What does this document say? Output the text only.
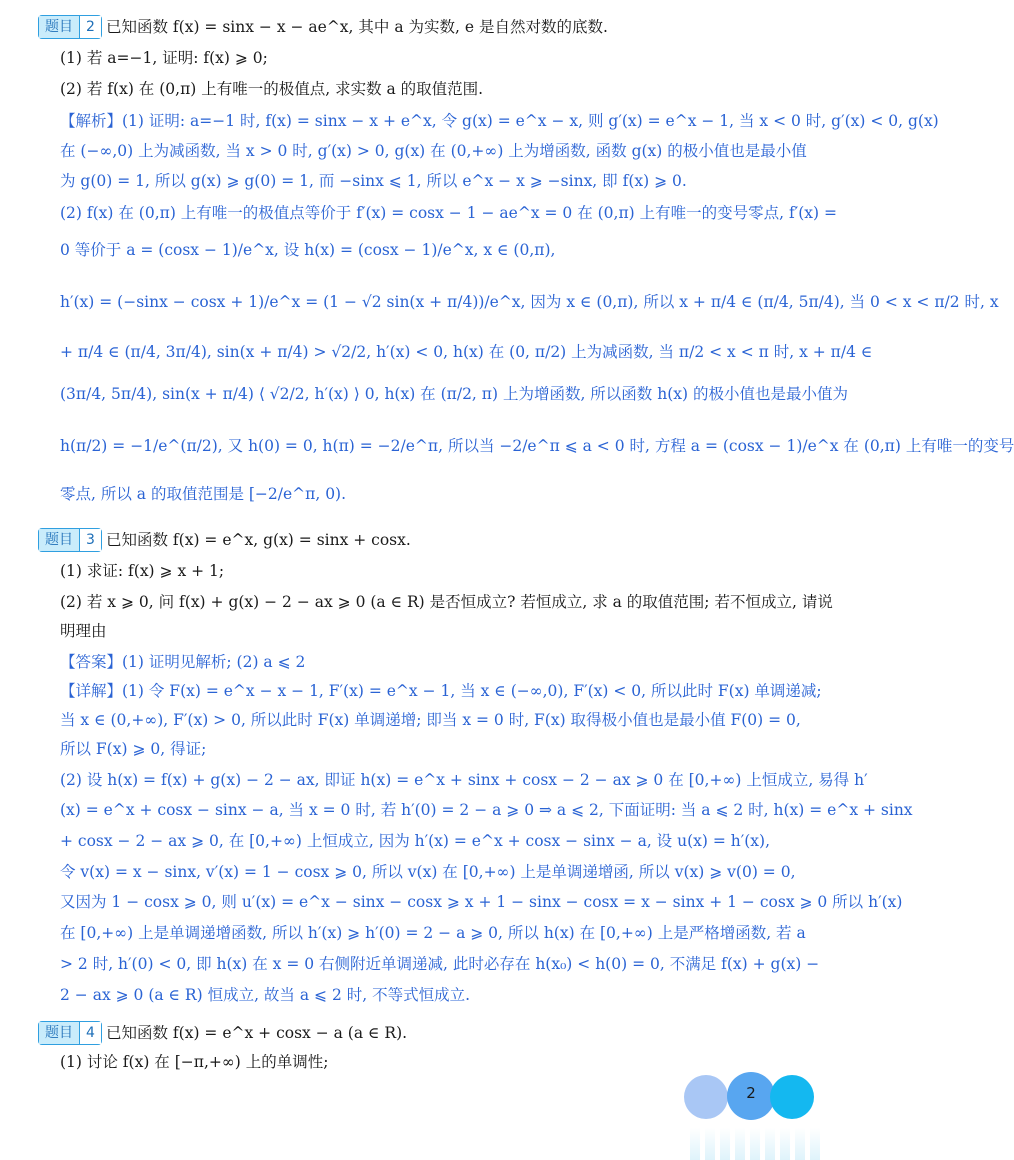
题目 2 已知函数 f(x) = sinx − x − ae^x, 其中 a 为实数, e 是自然对数的底数.
(1) 若 a=−1, 证明: f(x) ⩾ 0;
(2) 若 f(x) 在 (0,π) 上有唯一的极值点, 求实数 a 的取值范围.
【解析】(1) 证明: a=−1 时, f(x) = sinx − x + e^x, 令 g(x) = e^x − x, 则 g′(x) = e^x − 1, 当 x < 0 时, g′(x) < 0, g(x)
在 (−∞,0) 上为减函数, 当 x > 0 时, g′(x) > 0, g(x) 在 (0,+∞) 上为增函数, 函数 g(x) 的极小值也是最小值
为 g(0) = 1, 所以 g(x) ⩾ g(0) = 1, 而 −sinx ⩽ 1, 所以 e^x − x ⩾ −sinx, 即 f(x) ⩾ 0.
(2) f(x) 在 (0,π) 上有唯一的极值点等价于 f′(x) = cosx − 1 − ae^x = 0 在 (0,π) 上有唯一的变号零点, f′(x) =
0 等价于 a = (cosx − 1)/e^x, 设 h(x) = (cosx − 1)/e^x, x ∈ (0,π),
h′(x) = (−sinx − cosx + 1)/e^x = (1 − √2 sin(x + π/4))/e^x, 因为 x ∈ (0,π), 所以 x + π/4 ∈ (π/4, 5π/4), 当 0 < x < π/2 时, x
+ π/4 ∈ (π/4, 3π/4), sin(x + π/4) > √2/2, h′(x) < 0, h(x) 在 (0, π/2) 上为减函数, 当 π/2 < x < π 时, x + π/4 ∈
(3π/4, 5π/4), sin(x + π/4) ⟨ √2/2, h′(x) ⟩ 0, h(x) 在 (π/2, π) 上为增函数, 所以函数 h(x) 的极小值也是最小值为
h(π/2) = −1/e^(π/2), 又 h(0) = 0, h(π) = −2/e^π, 所以当 −2/e^π ⩽ a < 0 时, 方程 a = (cosx − 1)/e^x 在 (0,π) 上有唯一的变号
零点, 所以 a 的取值范围是 [−2/e^π, 0).
题目 3 已知函数 f(x) = e^x, g(x) = sinx + cosx.
(1) 求证: f(x) ⩾ x + 1;
(2) 若 x ⩾ 0, 问 f(x) + g(x) − 2 − ax ⩾ 0 (a ∈ R) 是否恒成立? 若恒成立, 求 a 的取值范围; 若不恒成立, 请说
明理由
【答案】(1) 证明见解析; (2) a ⩽ 2
【详解】(1) 令 F(x) = e^x − x − 1, F′(x) = e^x − 1, 当 x ∈ (−∞,0), F′(x) < 0, 所以此时 F(x) 单调递减;
当 x ∈ (0,+∞), F′(x) > 0, 所以此时 F(x) 单调递增; 即当 x = 0 时, F(x) 取得极小值也是最小值 F(0) = 0,
所以 F(x) ⩾ 0, 得证;
(2) 设 h(x) = f(x) + g(x) − 2 − ax, 即证 h(x) = e^x + sinx + cosx − 2 − ax ⩾ 0 在 [0,+∞) 上恒成立, 易得 h′
(x) = e^x + cosx − sinx − a, 当 x = 0 时, 若 h′(0) = 2 − a ⩾ 0 ⇒ a ⩽ 2, 下面证明: 当 a ⩽ 2 时, h(x) = e^x + sinx
+ cosx − 2 − ax ⩾ 0, 在 [0,+∞) 上恒成立, 因为 h′(x) = e^x + cosx − sinx − a, 设 u(x) = h′(x),
令 v(x) = x − sinx, v′(x) = 1 − cosx ⩾ 0, 所以 v(x) 在 [0,+∞) 上是单调递增函, 所以 v(x) ⩾ v(0) = 0,
又因为 1 − cosx ⩾ 0, 则 u′(x) = e^x − sinx − cosx ⩾ x + 1 − sinx − cosx = x − sinx + 1 − cosx ⩾ 0 所以 h′(x)
在 [0,+∞) 上是单调递增函数, 所以 h′(x) ⩾ h′(0) = 2 − a ⩾ 0, 所以 h(x) 在 [0,+∞) 上是严格增函数, 若 a
> 2 时, h′(0) < 0, 即 h(x) 在 x = 0 右侧附近单调递减, 此时必存在 h(x₀) < h(0) = 0, 不满足 f(x) + g(x) −
2 − ax ⩾ 0 (a ∈ R) 恒成立, 故当 a ⩽ 2 时, 不等式恒成立.
题目 4 已知函数 f(x) = e^x + cosx − a (a ∈ R).
(1) 讨论 f(x) 在 [−π,+∞) 上的单调性;
2
